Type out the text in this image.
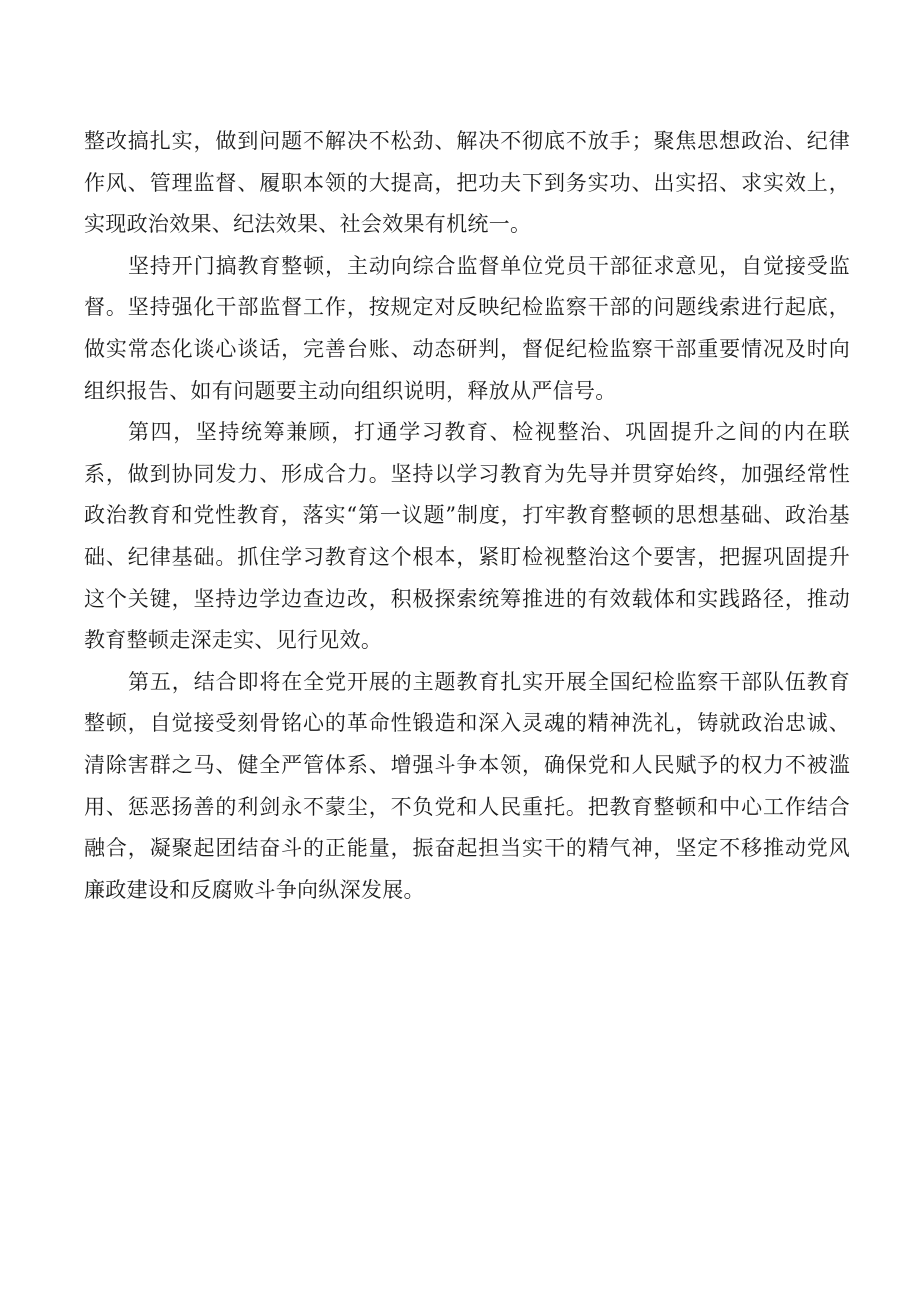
整改搞扎实，做到问题不解决不松劲、解决不彻底不放手；聚焦思想政治、纪律作风、管理监督、履职本领的大提高，把功夫下到务实功、出实招、求实效上，实现政治效果、纪法效果、社会效果有机统一。

坚持开门搞教育整顿，主动向综合监督单位党员干部征求意见，自觉接受监督。坚持强化干部监督工作，按规定对反映纪检监察干部的问题线索进行起底，做实常态化谈心谈话，完善台账、动态研判，督促纪检监察干部重要情况及时向组织报告、如有问题要主动向组织说明，释放从严信号。

第四，坚持统筹兼顾，打通学习教育、检视整治、巩固提升之间的内在联系，做到协同发力、形成合力。坚持以学习教育为先导并贯穿始终，加强经常性政治教育和党性教育，落实“第一议题”制度，打牢教育整顿的思想基础、政治基础、纪律基础。抓住学习教育这个根本，紧盯检视整治这个要害，把握巩固提升这个关键，坚持边学边查边改，积极探索统筹推进的有效载体和实践路径，推动教育整顿走深走实、见行见效。

第五，结合即将在全党开展的主题教育扎实开展全国纪检监察干部队伍教育整顿，自觉接受刻骨铭心的革命性锻造和深入灵魂的精神洗礼，铸就政治忠诚、清除害群之马、健全严管体系、增强斗争本领，确保党和人民赋予的权力不被滥用、惩恶扬善的利剑永不蒙尘，不负党和人民重托。把教育整顿和中心工作结合融合，凝聚起团结奋斗的正能量，振奋起担当实干的精气神，坚定不移推动党风廉政建设和反腐败斗争向纵深发展。
